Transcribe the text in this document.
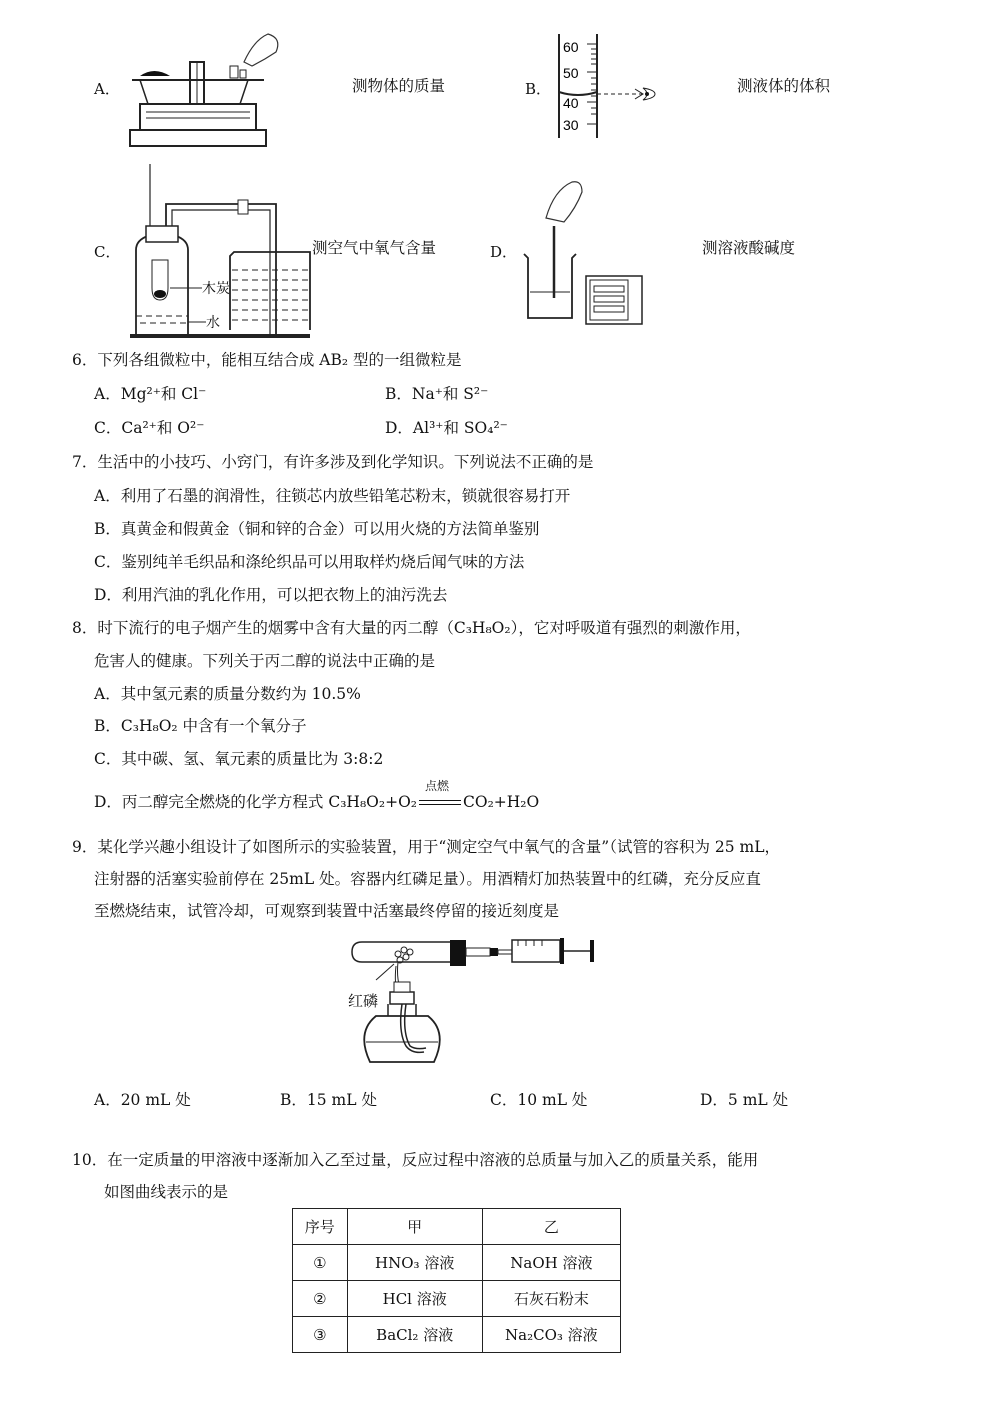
A．	测物体的质量	B．
60
50
40
30
测液体的体积
C．
木炭
水
测空气中氧气含量	D．	测溶液酸碱度
6．下列各组微粒中，能相互结合成 AB₂ 型的一组微粒是
A．Mg²⁺和 Cl⁻	B．Na⁺和 S²⁻
C．Ca²⁺和 O²⁻	D．Al³⁺和 SO₄²⁻
7．生活中的小技巧、小窍门，有许多涉及到化学知识。下列说法不正确的是
A．利用了石墨的润滑性，往锁芯内放些铅笔芯粉末，锁就很容易打开
B．真黄金和假黄金（铜和锌的合金）可以用火烧的方法简单鉴别
C．鉴别纯羊毛织品和涤纶织品可以用取样灼烧后闻气味的方法
D．利用汽油的乳化作用，可以把衣物上的油污洗去
8．时下流行的电子烟产生的烟雾中含有大量的丙二醇（C₃H₈O₂），它对呼吸道有强烈的刺激作用，
危害人的健康。下列关于丙二醇的说法中正确的是
A．其中氢元素的质量分数约为 10.5%
B．C₃H₈O₂ 中含有一个氧分子
C．其中碳、氢、氧元素的质量比为 3:8:2
D．丙二醇完全燃烧的化学方程式 C₃H₈O₂+O₂
点燃
CO₂+H₂O
9．某化学兴趣小组设计了如图所示的实验装置，用于“测定空气中氧气的含量”（试管的容积为 25 mL，
注射器的活塞实验前停在 25mL 处。容器内红磷足量）。用酒精灯加热装置中的红磷，充分反应直
至燃烧结束，试管冷却，可观察到装置中活塞最终停留的接近刻度是
红磷
A．20 mL 处	B．15 mL 处	C．10 mL 处	D．5 mL 处
10．在一定质量的甲溶液中逐渐加入乙至过量，反应过程中溶液的总质量与加入乙的质量关系，能用
如图曲线表示的是
序号	甲	乙
①	HNO₃ 溶液	NaOH 溶液
②	HCl 溶液	石灰石粉末
③	BaCl₂ 溶液	Na₂CO₃ 溶液
